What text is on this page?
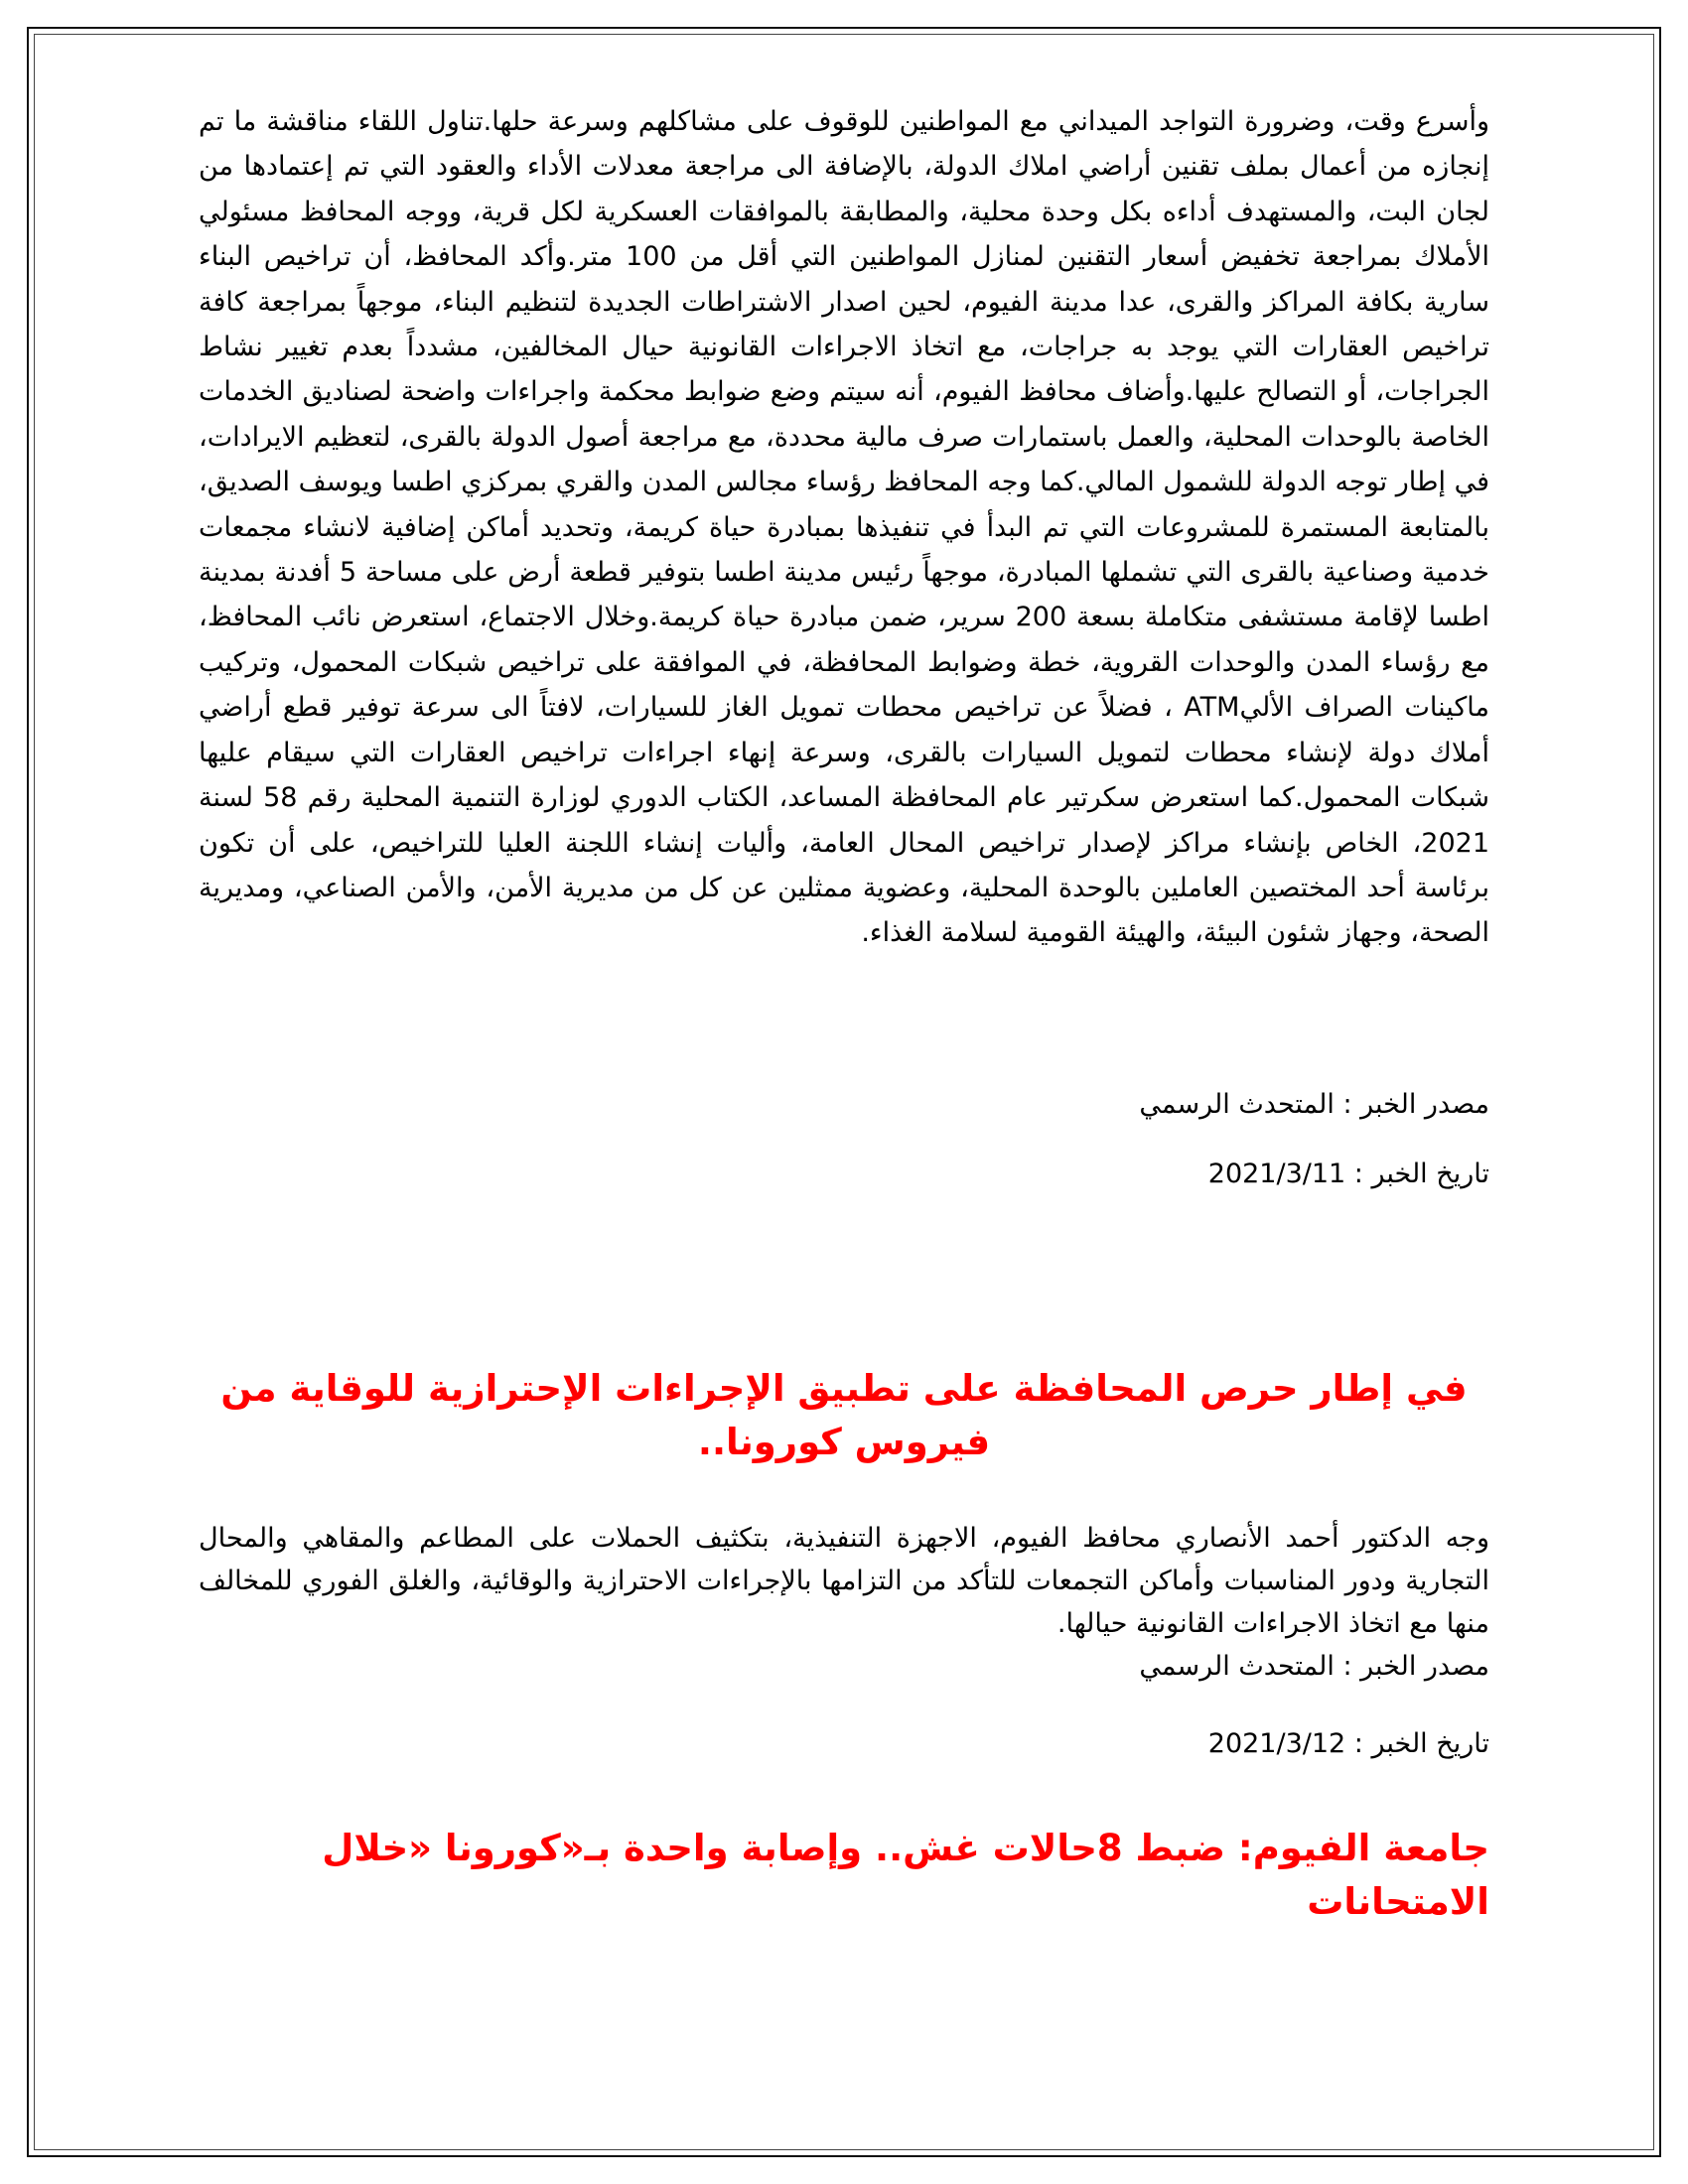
وأسرع وقت، وضرورة التواجد الميداني مع المواطنين للوقوف على مشاكلهم وسرعة حلها.تناول اللقاء مناقشة ما تم إنجازه من أعمال بملف تقنين أراضي املاك الدولة، بالإضافة الى مراجعة معدلات الأداء والعقود التي تم إعتمادها من لجان البت، والمستهدف أداءه بكل وحدة محلية، والمطابقة بالموافقات العسكرية لكل قرية، ووجه المحافظ مسئولي الأملاك بمراجعة تخفيض أسعار التقنين لمنازل المواطنين التي أقل من 100 متر.وأكد المحافظ، أن تراخيص البناء سارية بكافة المراكز والقرى، عدا مدينة الفيوم، لحين اصدار الاشتراطات الجديدة لتنظيم البناء، موجهاً بمراجعة كافة تراخيص العقارات التي يوجد به جراجات، مع اتخاذ الاجراءات القانونية حيال المخالفين، مشدداً بعدم تغيير نشاط الجراجات، أو التصالح عليها.وأضاف محافظ الفيوم، أنه سيتم وضع ضوابط محكمة واجراءات واضحة لصناديق الخدمات الخاصة بالوحدات المحلية، والعمل باستمارات صرف مالية محددة، مع مراجعة أصول الدولة بالقرى، لتعظيم الايرادات، في إطار توجه الدولة للشمول المالي.كما وجه المحافظ رؤساء مجالس المدن والقري بمركزي اطسا ويوسف الصديق، بالمتابعة المستمرة للمشروعات التي تم البدأ في تنفيذها بمبادرة حياة كريمة، وتحديد أماكن إضافية لانشاء مجمعات خدمية وصناعية بالقرى التي تشملها المبادرة، موجهاً رئيس مدينة اطسا بتوفير قطعة أرض على مساحة 5 أفدنة بمدينة اطسا لإقامة مستشفى متكاملة بسعة 200 سرير، ضمن مبادرة حياة كريمة.وخلال الاجتماع، استعرض نائب المحافظ، مع رؤساء المدن والوحدات القروية، خطة وضوابط المحافظة، في الموافقة على تراخيص شبكات المحمول، وتركيب ماكينات الصراف الأليATM ، فضلاً عن تراخيص محطات تمويل الغاز للسيارات، لافتاً الى سرعة توفير قطع أراضي أملاك دولة لإنشاء محطات لتمويل السيارات بالقرى، وسرعة إنهاء اجراءات تراخيص العقارات التي سيقام عليها شبكات المحمول.كما استعرض سكرتير عام المحافظة المساعد، الكتاب الدوري لوزارة التنمية المحلية رقم 58 لسنة 2021، الخاص بإنشاء مراكز لإصدار تراخيص المحال العامة، وأليات إنشاء اللجنة العليا للتراخيص، على أن تكون برئاسة أحد المختصين العاملين بالوحدة المحلية، وعضوية ممثلين عن كل من مديرية الأمن، والأمن الصناعي، ومديرية الصحة، وجهاز شئون البيئة، والهيئة القومية لسلامة الغذاء.

مصدر الخبر : المتحدث الرسمي

تاريخ الخبر : 2021/3/11

في إطار حرص المحافظة على تطبيق الإجراءات الإحترازية للوقاية من فيروس كورونا..

وجه الدكتور أحمد الأنصاري محافظ الفيوم، الاجهزة التنفيذية، بتكثيف الحملات على المطاعم والمقاهي والمحال التجارية ودور المناسبات وأماكن التجمعات للتأكد من التزامها بالإجراءات الاحترازية والوقائية، والغلق الفوري للمخالف منها مع اتخاذ الاجراءات القانونية حيالها.

مصدر الخبر : المتحدث الرسمي

تاريخ الخبر : 2021/3/12

جامعة الفيوم: ضبط 8حالات غش.. وإصابة واحدة بـ«كورونا «خلال الامتحانات
